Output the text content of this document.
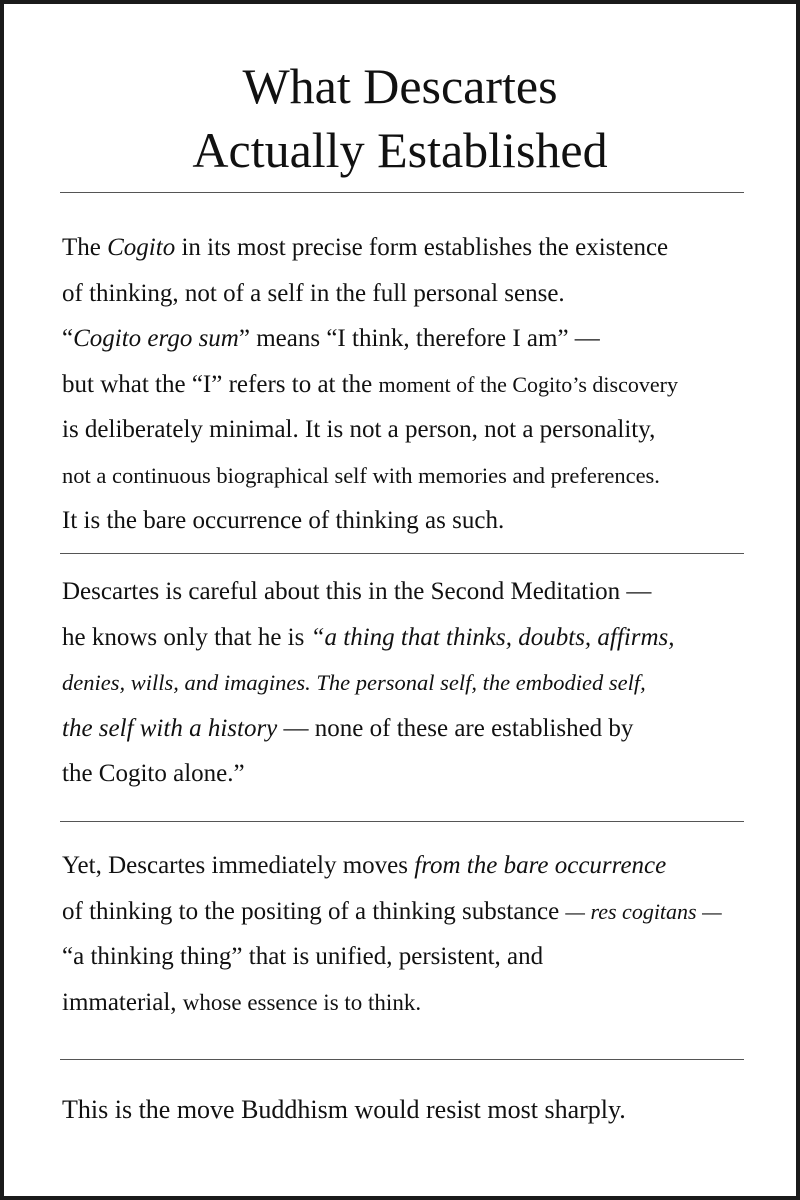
What Descartes
Actually Established

The Cogito in its most precise form establishes the existence
of thinking, not of a self in the full personal sense.
“Cogito ergo sum” means “I think, therefore I am” —
but what the “I” refers to at the moment of the Cogito’s discovery
is deliberately minimal. It is not a person, not a personality,
not a continuous biographical self with memories and preferences.
It is the bare occurrence of thinking as such.

Descartes is careful about this in the Second Meditation —
he knows only that he is “a thing that thinks, doubts, affirms,
denies, wills, and imagines. The personal self, the embodied self,
the self with a history — none of these are established by
the Cogito alone.”

Yet, Descartes immediately moves from the bare occurrence
of thinking to the positing of a thinking substance — res cogitans —
“a thinking thing” that is unified, persistent, and
immaterial, whose essence is to think.

This is the move Buddhism would resist most sharply.
